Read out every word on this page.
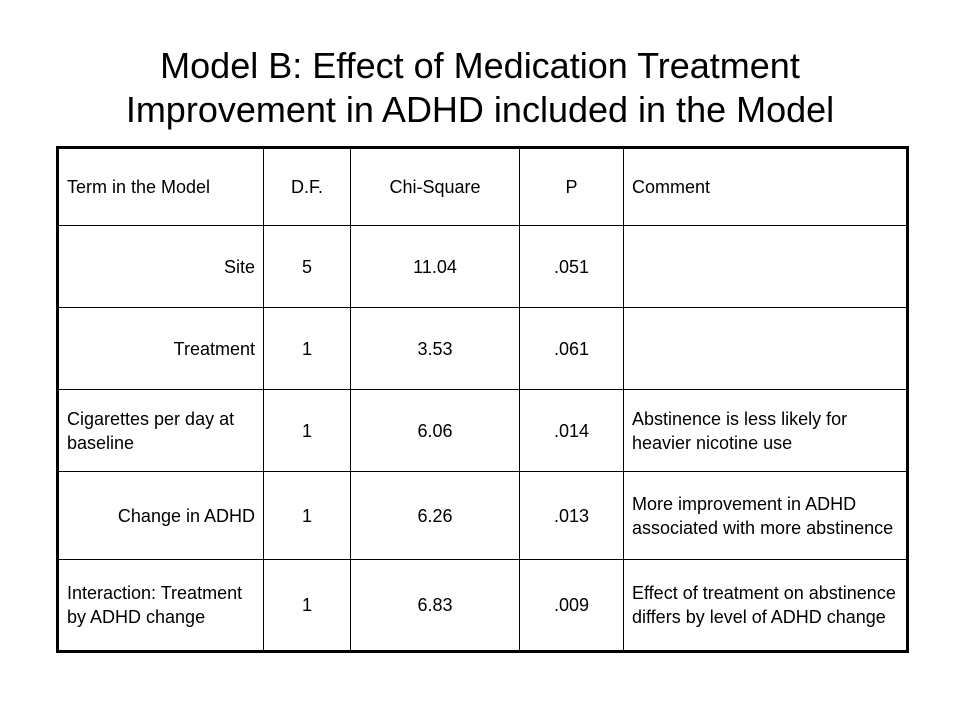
Model B: Effect of Medication Treatment
Improvement in ADHD included in the Model
Term in the Model	D.F.	Chi-Square	P	Comment
Site	5	11.04	.051	
Treatment	1	3.53	.061	
Cigarettes per day at baseline	1	6.06	.014	Abstinence is less likely for heavier nicotine use
Change in ADHD	1	6.26	.013	More improvement in ADHD associated with more abstinence
Interaction: Treatment by ADHD change	1	6.83	.009	Effect of treatment on abstinence differs by level of ADHD change
